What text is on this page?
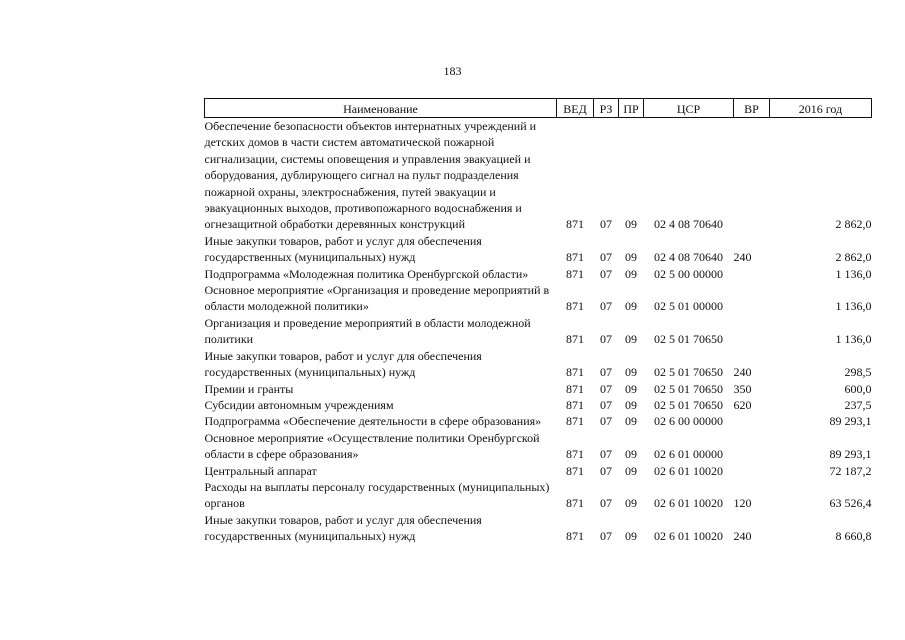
183
Наименование	ВЕД	РЗ	ПР	ЦСР	ВР	2016 год
Обеспечение безопасности объектов интернатных учреждений и детских домов в части систем автоматической пожарной сигнализации, системы оповещения и управления эвакуацией и оборудования, дублирующего сигнал на пульт подразделения пожарной охраны, электроснабжения, путей эвакуации и эвакуационных выходов, противопожарного водоснабжения и огнезащитной обработки деревянных конструкций	871	07	09	02 4 08 70640		2 862,0
Иные закупки товаров, работ и услуг для обеспечения государственных (муниципальных) нужд	871	07	09	02 4 08 70640	240	2 862,0
Подпрограмма «Молодежная политика Оренбургской области»	871	07	09	02 5 00 00000		1 136,0
Основное мероприятие «Организация и проведение мероприятий в области молодежной политики»	871	07	09	02 5 01 00000		1 136,0
Организация и проведение мероприятий в области молодежной политики	871	07	09	02 5 01 70650		1 136,0
Иные закупки товаров, работ и услуг для обеспечения государственных (муниципальных) нужд	871	07	09	02 5 01 70650	240	298,5
Премии и гранты	871	07	09	02 5 01 70650	350	600,0
Субсидии автономным учреждениям	871	07	09	02 5 01 70650	620	237,5
Подпрограмма «Обеспечение деятельности в сфере образования»	871	07	09	02 6 00 00000		89 293,1
Основное мероприятие «Осуществление политики Оренбургской области в сфере образования»	871	07	09	02 6 01 00000		89 293,1
Центральный аппарат	871	07	09	02 6 01 10020		72 187,2
Расходы на выплаты персоналу государственных (муниципальных) органов	871	07	09	02 6 01 10020	120	63 526,4
Иные закупки товаров, работ и услуг для обеспечения государственных (муниципальных) нужд	871	07	09	02 6 01 10020	240	8 660,8
